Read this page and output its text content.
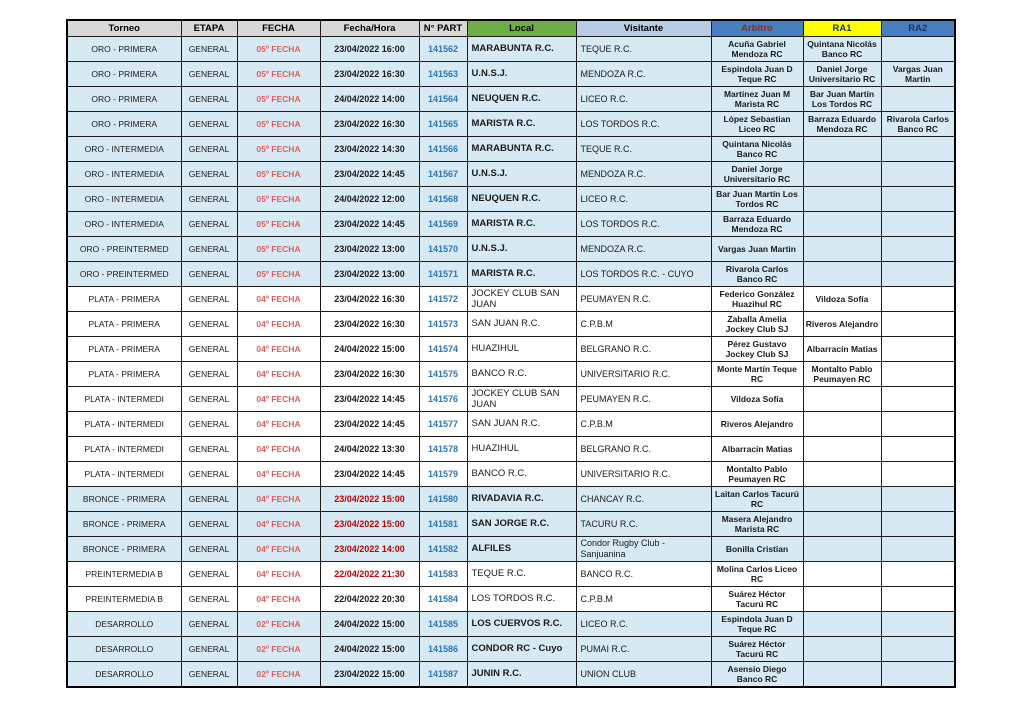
Torneo	ETAPA	FECHA	Fecha/Hora	N° PART	Local	Visitante	Arbitro	RA1	RA2
ORO - PRIMERA	GENERAL	05º FECHA	23/04/2022 16:00	141562	MARABUNTA R.C.	TEQUE R.C.	Acuña Gabriel Mendoza RC	Quintana Nicolás Banco RC	
ORO - PRIMERA	GENERAL	05º FECHA	23/04/2022 16:30	141563	U.N.S.J.	MENDOZA R.C.	Espindola Juan D Teque RC	Daniel Jorge Universitario RC	Vargas Juan Martin
ORO - PRIMERA	GENERAL	05º FECHA	24/04/2022 14:00	141564	NEUQUEN R.C.	LICEO R.C.	Martínez Juan M Marista RC	Bar Juan Martín Los Tordos RC	
ORO - PRIMERA	GENERAL	05º FECHA	23/04/2022 16:30	141565	MARISTA R.C.	LOS TORDOS R.C.	López Sebastian Liceo RC	Barraza Eduardo Mendoza RC	Rivarola Carlos Banco RC
ORO - INTERMEDIA	GENERAL	05º FECHA	23/04/2022 14:30	141566	MARABUNTA R.C.	TEQUE R.C.	Quintana Nicolás Banco RC		
ORO - INTERMEDIA	GENERAL	05º FECHA	23/04/2022 14:45	141567	U.N.S.J.	MENDOZA R.C.	Daniel Jorge Universitario RC		
ORO - INTERMEDIA	GENERAL	05º FECHA	24/04/2022 12:00	141568	NEUQUEN R.C.	LICEO R.C.	Bar Juan Martín Los Tordos RC		
ORO - INTERMEDIA	GENERAL	05º FECHA	23/04/2022 14:45	141569	MARISTA R.C.	LOS TORDOS R.C.	Barraza Eduardo Mendoza RC		
ORO - PREINTERMED	GENERAL	05º FECHA	23/04/2022 13:00	141570	U.N.S.J.	MENDOZA R.C.	Vargas Juan Martin		
ORO - PREINTERMED	GENERAL	05º FECHA	23/04/2022 13:00	141571	MARISTA R.C.	LOS TORDOS R.C. - CUYO	Rivarola Carlos Banco RC		
PLATA - PRIMERA	GENERAL	04º FECHA	23/04/2022 16:30	141572	JOCKEY CLUB SAN JUAN	PEUMAYEN R.C.	Federico González Huazihul RC	Vildoza Sofía	
PLATA - PRIMERA	GENERAL	04º FECHA	23/04/2022 16:30	141573	SAN JUAN R.C.	C.P.B.M	Zaballa Amelia Jockey Club SJ	Riveros Alejandro	
PLATA - PRIMERA	GENERAL	04º FECHA	24/04/2022 15:00	141574	HUAZIHUL	BELGRANO R.C.	Pérez Gustavo Jockey Club SJ	Albarracín Matias	
PLATA - PRIMERA	GENERAL	04º FECHA	23/04/2022 16:30	141575	BANCO R.C.	UNIVERSITARIO R.C.	Monte Martín Teque RC	Montalto Pablo Peumayen RC	
PLATA - INTERMEDI	GENERAL	04º FECHA	23/04/2022 14:45	141576	JOCKEY CLUB SAN JUAN	PEUMAYEN R.C.	Vildoza Sofía		
PLATA - INTERMEDI	GENERAL	04º FECHA	23/04/2022 14:45	141577	SAN JUAN R.C.	C.P.B.M	Riveros Alejandro		
PLATA - INTERMEDI	GENERAL	04º FECHA	24/04/2022 13:30	141578	HUAZIHUL	BELGRANO R.C.	Albarracín Matias		
PLATA - INTERMEDI	GENERAL	04º FECHA	23/04/2022 14:45	141579	BANCO R.C.	UNIVERSITARIO R.C.	Montalto Pablo Peumayen RC		
BRONCE - PRIMERA	GENERAL	04º FECHA	23/04/2022 15:00	141580	RIVADAVIA R.C.	CHANCAY R.C.	Laitan Carlos Tacurú RC		
BRONCE - PRIMERA	GENERAL	04º FECHA	23/04/2022 15:00	141581	SAN JORGE R.C.	TACURU R.C.	Masera Alejandro Marista RC		
BRONCE - PRIMERA	GENERAL	04º FECHA	23/04/2022 14:00	141582	ALFILES	Condor Rugby Club - Sanjuanina	Bonilla Cristian		
PREINTERMEDIA B	GENERAL	04º FECHA	22/04/2022 21:30	141583	TEQUE R.C.	BANCO R.C.	Molina Carlos Liceo RC		
PREINTERMEDIA B	GENERAL	04º FECHA	22/04/2022 20:30	141584	LOS TORDOS R.C.	C.P.B.M	Suárez Héctor Tacurú RC		
DESARROLLO	GENERAL	02º FECHA	24/04/2022 15:00	141585	LOS CUERVOS R.C.	LICEO R.C.	Espindola Juan D Teque RC		
DESARROLLO	GENERAL	02º FECHA	24/04/2022 15:00	141586	CONDOR RC - Cuyo	PUMAI R.C.	Suárez Héctor Tacurú RC		
DESARROLLO	GENERAL	02º FECHA	23/04/2022 15:00	141587	JUNIN R.C.	UNION CLUB	Asensio Diego Banco RC		
